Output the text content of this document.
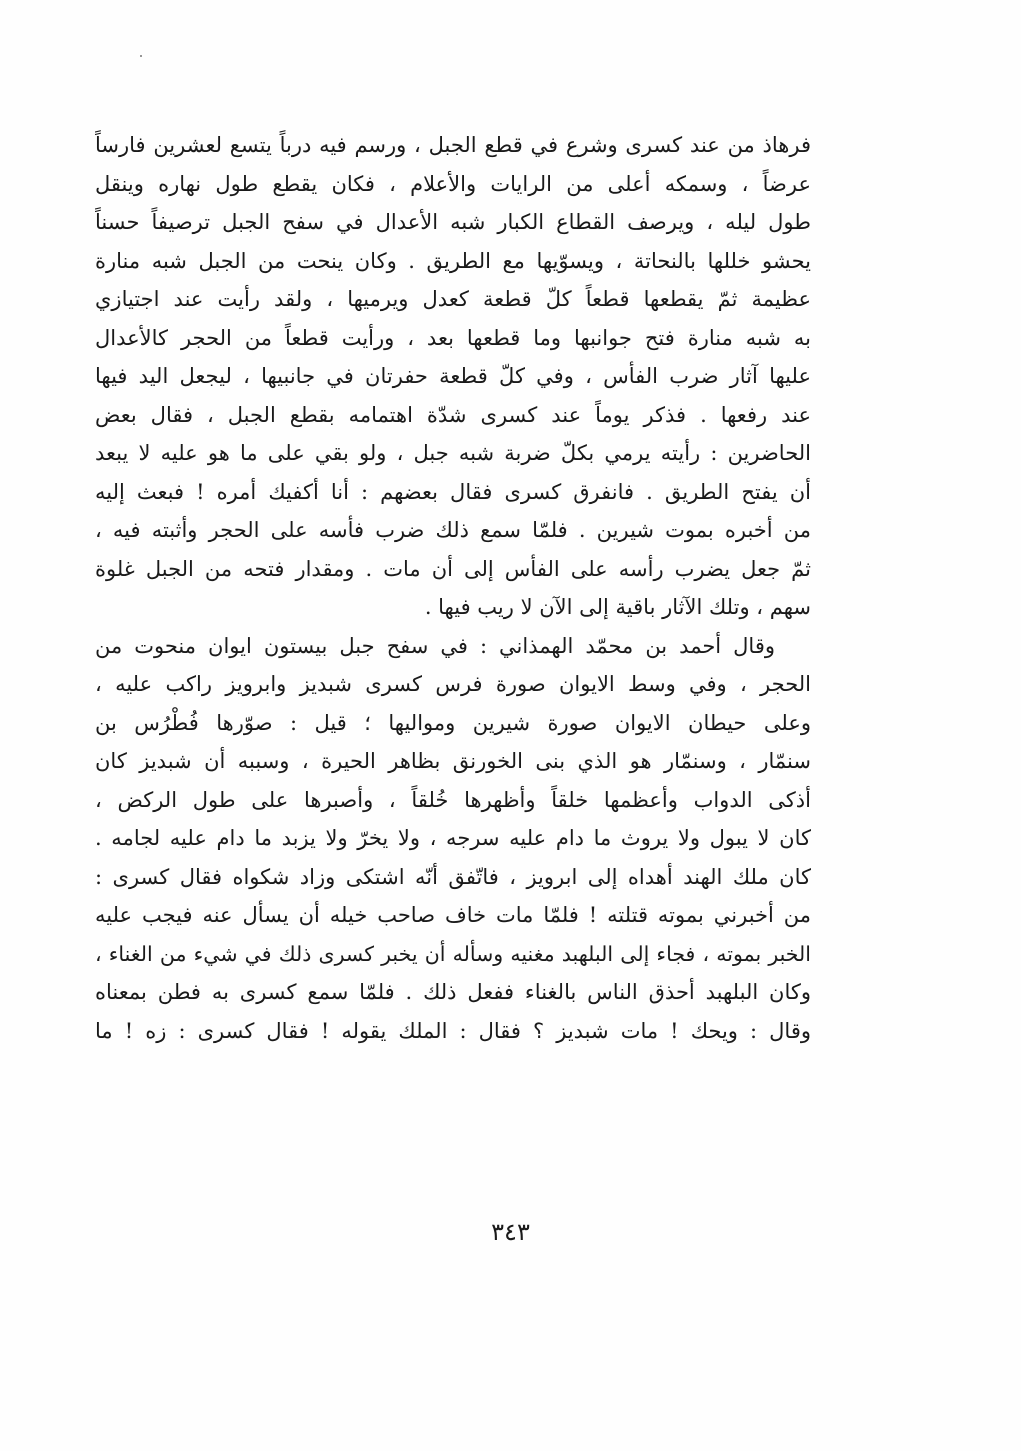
فرهاذ من عند كسرى وشرع في قطع الجبل ، ورسم فيه درباً يتسع لعشرين فارساً
عرضاً ، وسمكه أعلى من الرايات والأعلام ، فكان يقطع طول نهاره وينقل
طول ليله ، ويرصف القطاع الكبار شبه الأعدال في سفح الجبل ترصيفاً حسناً
يحشو خللها بالنحاتة ، ويسوّيها مع الطريق . وكان ينحت من الجبل شبه منارة
عظيمة ثمّ يقطعها قطعاً كلّ قطعة كعدل ويرميها ، ولقد رأيت عند اجتيازي
به شبه منارة فتح جوانبها وما قطعها بعد ، ورأيت قطعاً من الحجر كالأعدال
عليها آثار ضرب الفأس ، وفي كلّ قطعة حفرتان في جانبيها ، ليجعل اليد فيها
عند رفعها . فذكر يوماً عند كسرى شدّة اهتمامه بقطع الجبل ، فقال بعض
الحاضرين : رأيته يرمي بكلّ ضربة شبه جبل ، ولو بقي على ما هو عليه لا يبعد
أن يفتح الطريق . فانفرق كسرى فقال بعضهم : أنا أكفيك أمره ! فبعث إليه
من أخبره بموت شيرين . فلمّا سمع ذلك ضرب فأسه على الحجر وأثبته فيه ،
ثمّ جعل يضرب رأسه على الفأس إلى أن مات . ومقدار فتحه من الجبل غلوة
سهم ، وتلك الآثار باقية إلى الآن لا ريب فيها .
وقال أحمد بن محمّد الهمذاني : في سفح جبل بيستون ايوان منحوت من
الحجر ، وفي وسط الايوان صورة فرس كسرى شبديز وابرويز راكب عليه ،
وعلى حيطان الايوان صورة شيرين ومواليها ؛ قيل : صوّرها فُطْرُس بن
سنمّار ، وسنمّار هو الذي بنى الخورنق بظاهر الحيرة ، وسببه أن شبديز كان
أذكى الدواب وأعظمها خلقاً وأظهرها خُلقاً ، وأصبرها على طول الركض ،
كان لا يبول ولا يروث ما دام عليه سرجه ، ولا يخرّ ولا يزبد ما دام عليه لجامه .
كان ملك الهند أهداه إلى ابرويز ، فاتّفق أنّه اشتكى وزاد شكواه فقال كسرى :
من أخبرني بموته قتلته ! فلمّا مات خاف صاحب خيله أن يسأل عنه فيجب عليه
الخبر بموته ، فجاء إلى البلهبد مغنيه وسأله أن يخبر كسرى ذلك في شيء من الغناء ،
وكان البلهبد أحذق الناس بالغناء ففعل ذلك . فلمّا سمع كسرى به فطن بمعناه
وقال : ويحك ! مات شبديز ؟ فقال : الملك يقوله ! فقال كسرى : زه ! ما
٣٤٣
